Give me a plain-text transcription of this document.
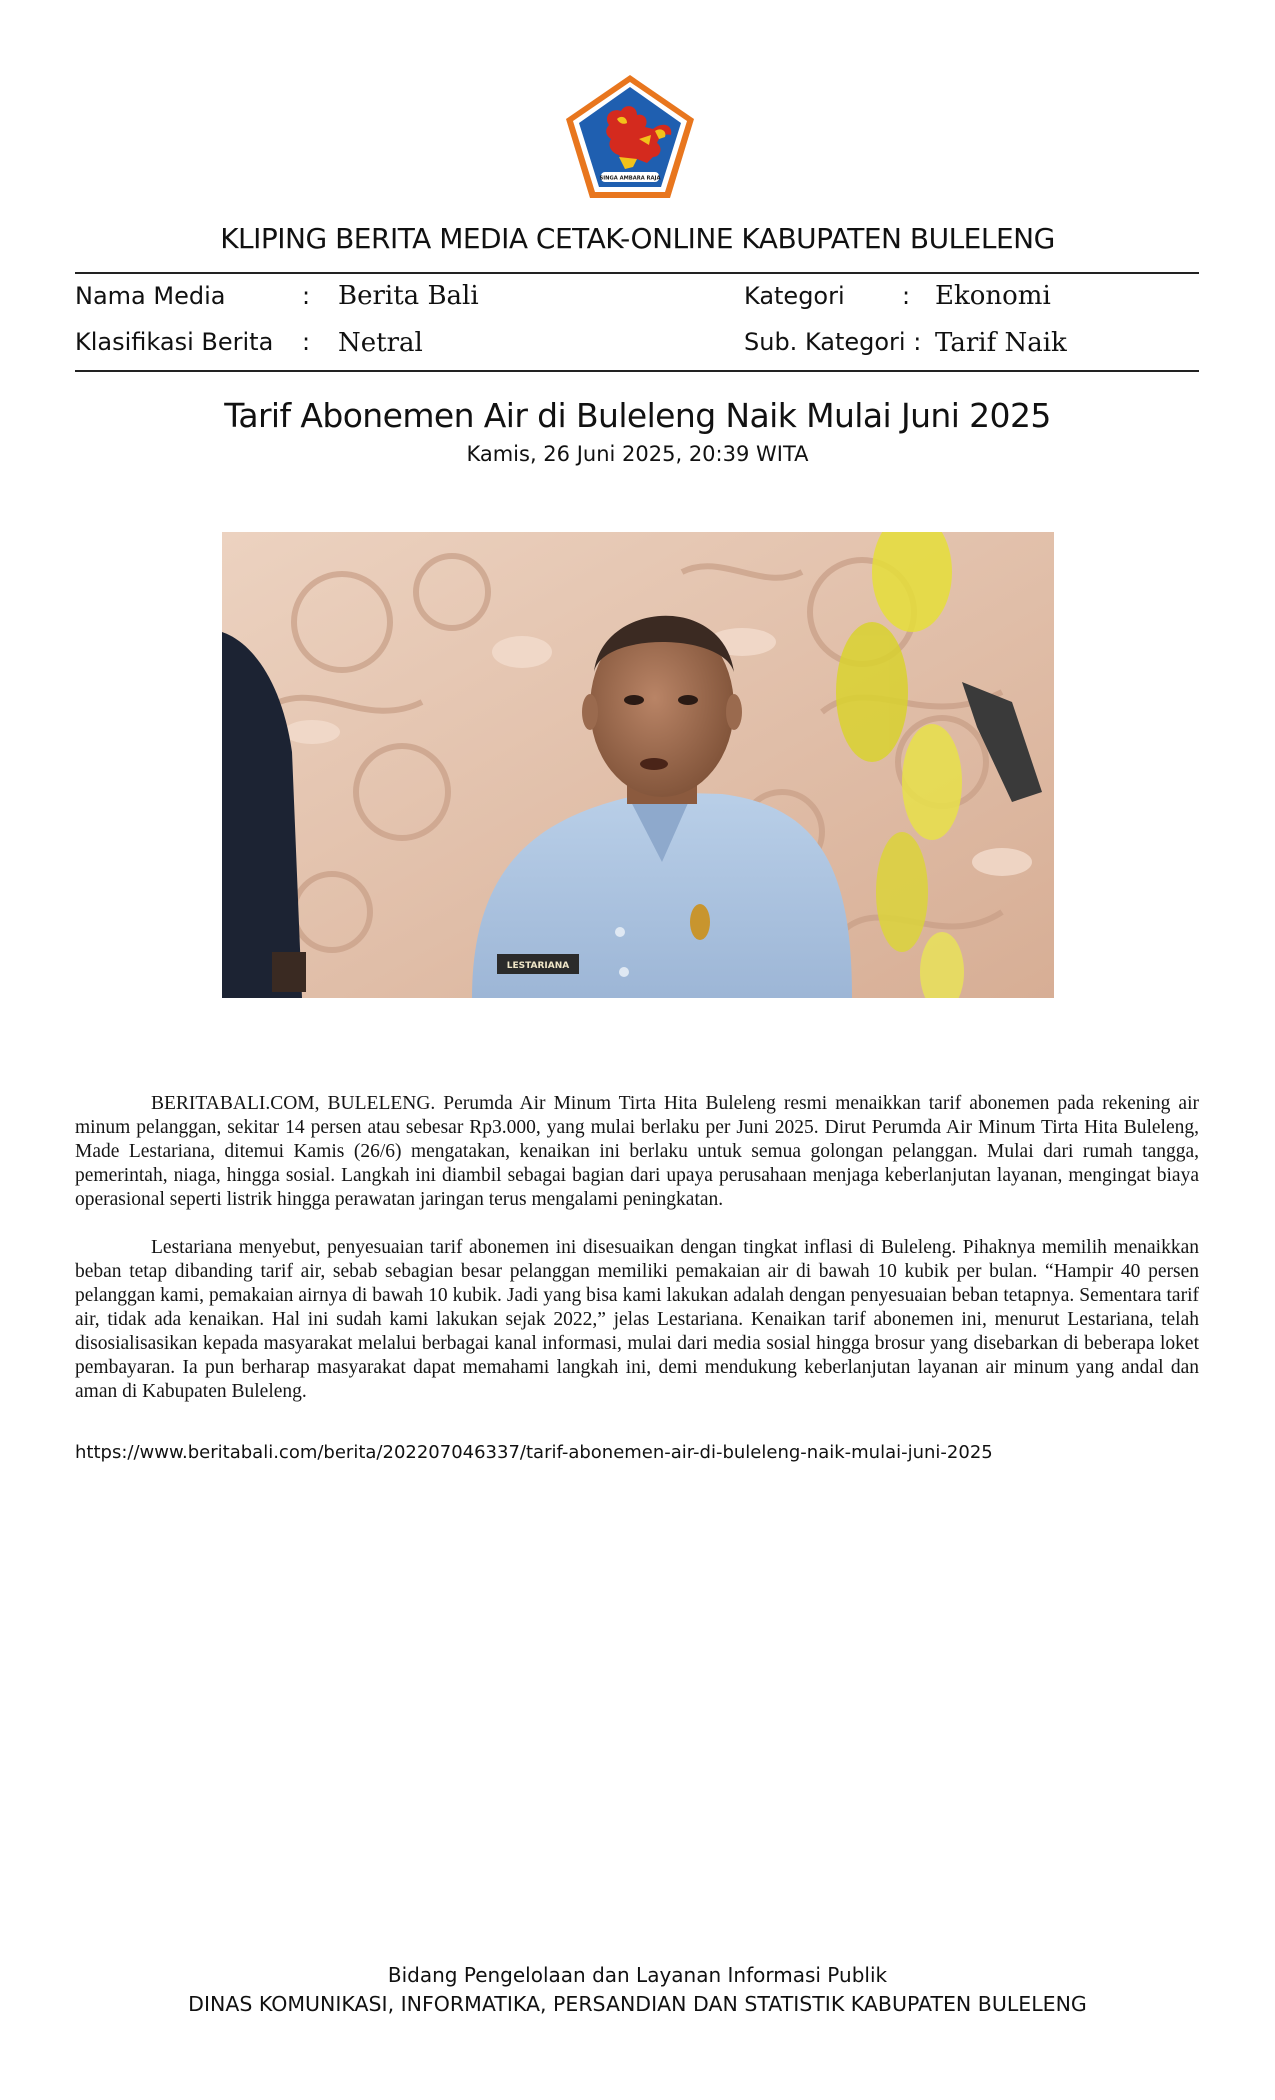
SINGA AMBARA RAJA
KLIPING BERITA MEDIA CETAK-ONLINE KABUPATEN BULELENG
Nama Media	: Berita Bali
Klasifikasi Berita : Netral
Kategori : Ekonomi
Sub. Kategori : Tarif Naik
Tarif Abonemen Air di Buleleng Naik Mulai Juni 2025
Kamis, 26 Juni 2025, 20:39 WITA
LESTARIANA

BERITABALI.COM, BULELENG. Perumda Air Minum Tirta Hita Buleleng resmi menaikkan tarif abonemen pada rekening air minum pelanggan, sekitar 14 persen atau sebesar Rp3.000, yang mulai berlaku per Juni 2025. Dirut Perumda Air Minum Tirta Hita Buleleng, Made Lestariana, ditemui Kamis (26/6) mengatakan, kenaikan ini berlaku untuk semua golongan pelanggan. Mulai dari rumah tangga, pemerintah, niaga, hingga sosial. Langkah ini diambil sebagai bagian dari upaya perusahaan menjaga keberlanjutan layanan, mengingat biaya operasional seperti listrik hingga perawatan jaringan terus mengalami peningkatan.

Lestariana menyebut, penyesuaian tarif abonemen ini disesuaikan dengan tingkat inflasi di Buleleng. Pihaknya memilih menaikkan beban tetap dibanding tarif air, sebab sebagian besar pelanggan memiliki pemakaian air di bawah 10 kubik per bulan. “Hampir 40 persen pelanggan kami, pemakaian airnya di bawah 10 kubik. Jadi yang bisa kami lakukan adalah dengan penyesuaian beban tetapnya. Sementara tarif air, tidak ada kenaikan. Hal ini sudah kami lakukan sejak 2022,” jelas Lestariana. Kenaikan tarif abonemen ini, menurut Lestariana, telah disosialisasikan kepada masyarakat melalui berbagai kanal informasi, mulai dari media sosial hingga brosur yang disebarkan di beberapa loket pembayaran. Ia pun berharap masyarakat dapat memahami langkah ini, demi mendukung keberlanjutan layanan air minum yang andal dan aman di Kabupaten Buleleng.

https://www.beritabali.com/berita/202207046337/tarif-abonemen-air-di-buleleng-naik-mulai-juni-2025
Bidang Pengelolaan dan Layanan Informasi Publik
DINAS KOMUNIKASI, INFORMATIKA, PERSANDIAN DAN STATISTIK KABUPATEN BULELENG
